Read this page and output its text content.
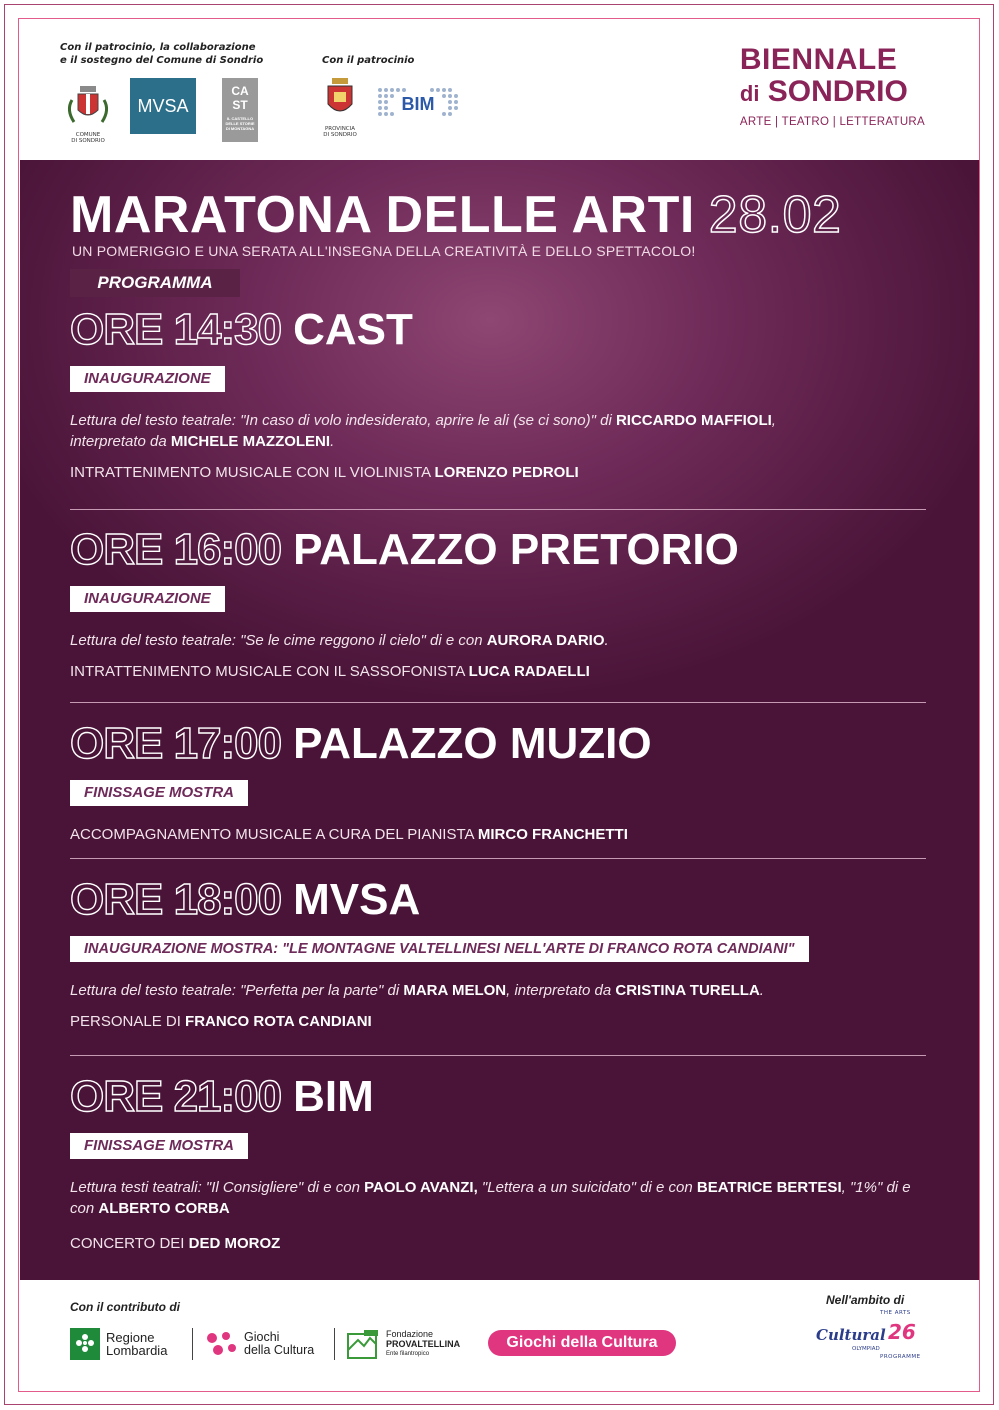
Con il patrocinio, la collaborazione
e il sostegno del Comune di Sondrio	Con il patrocinio
COMUNE
DI SONDRIO
MVSA
CA
ST
IL CASTELLO
DELLE STORIE
DI MONTAGNA	PROVINCIA
DI SONDRIO
BIM
BIENNALE
di SONDRIO
ARTE | TEATRO | LETTERATURA
MARATONA DELLE ARTI 28.02
UN POMERIGGIO E UNA SERATA ALL'INSEGNA DELLA CREATIVITÀ E DELLO SPETTACOLO!
PROGRAMMA
ORE 14:30 CAST
INAUGURAZIONE
Lettura del testo teatrale: "In caso di volo indesiderato, aprire le ali (se ci sono)" di RICCARDO MAFFIOLI,
interpretato da MICHELE MAZZOLENI.
INTRATTENIMENTO MUSICALE CON IL VIOLINISTA LORENZO PEDROLI
ORE 16:00 PALAZZO PRETORIO
INAUGURAZIONE
Lettura del testo teatrale: "Se le cime reggono il cielo" di e con AURORA DARIO.
INTRATTENIMENTO MUSICALE CON IL SASSOFONISTA LUCA RADAELLI
ORE 17:00 PALAZZO MUZIO
FINISSAGE MOSTRA
ACCOMPAGNAMENTO MUSICALE A CURA DEL PIANISTA MIRCO FRANCHETTI
ORE 18:00 MVSA
INAUGURAZIONE MOSTRA: "LE MONTAGNE VALTELLINESI NELL'ARTE DI FRANCO ROTA CANDIANI"
Lettura del testo teatrale: "Perfetta per la parte" di MARA MELON, interpretato da CRISTINA TURELLA.
PERSONALE DI FRANCO ROTA CANDIANI
ORE 21:00 BIM
FINISSAGE MOSTRA
Lettura testi teatrali: "Il Consigliere" di e con PAOLO AVANZI, "Lettera a un suicidato" di e con BEATRICE BERTESI, "1%" di e con ALBERTO CORBA
CONCERTO DEI DED MOROZ
Con il contributo di
Regione
Lombardia
Giochi
della Cultura
Fondazione
PROVALTELLINA
Ente filantropico
Giochi della Cultura
Nell'ambito di
Cultural 26
THE ARTS
OLYMPIAD
PROGRAMME
